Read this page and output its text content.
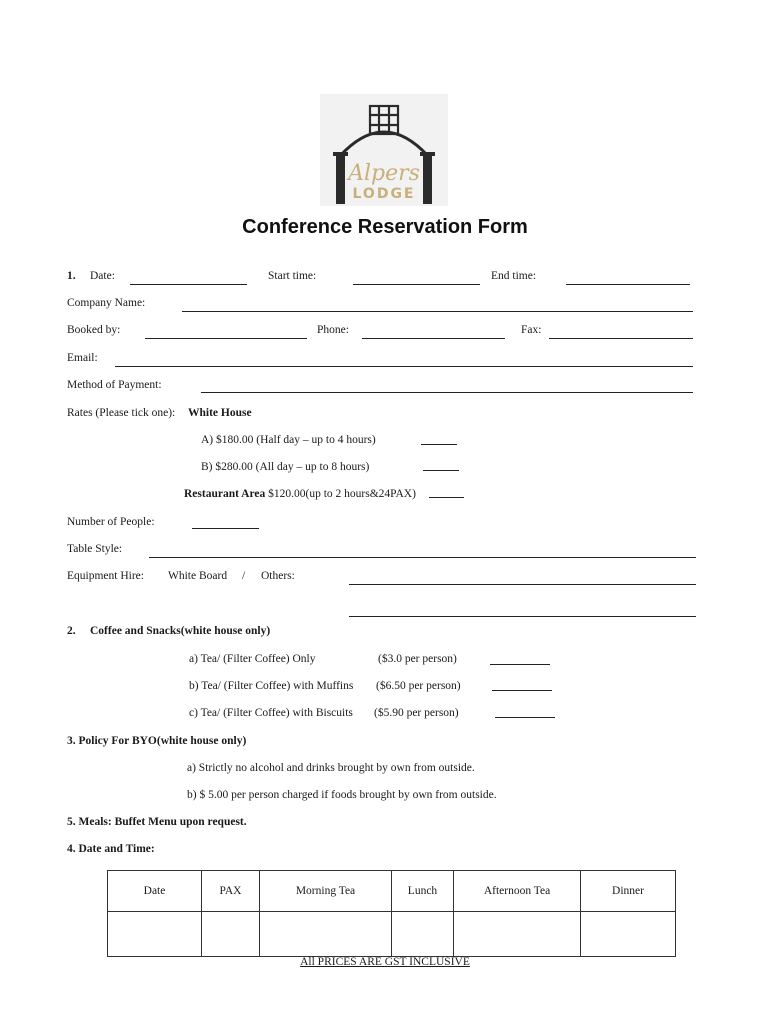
Alpers
LODGE
Conference Reservation Form
1. Date:	Start time:	End time:
Company Name:
Booked by:	Phone:	Fax:
Email:
Method of Payment:
Rates (Please tick one): White House
A) $180.00 (Half day – up to 4 hours)
B) $280.00 (All day – up to 8 hours)
Restaurant Area $120.00(up to 2 hours&24PAX)
Number of People:
Table Style:
Equipment Hire: White Board / Others:
2. Coffee and Snacks(white house only)
a) Tea/ (Filter Coffee) Only	($3.0 per person)
b) Tea/ (Filter Coffee) with Muffins ($6.50 per person)
c) Tea/ (Filter Coffee) with Biscuits ($5.90 per person)
3. Policy For BYO(white house only)
a) Strictly no alcohol and drinks brought by own from outside.
b) $ 5.00 per person charged if foods brought by own from outside.
5. Meals: Buffet Menu upon request.
4. Date and Time:
Date	PAX	Morning Tea	Lunch	Afternoon Tea	Dinner

All PRICES ARE GST INCLUSIVE
